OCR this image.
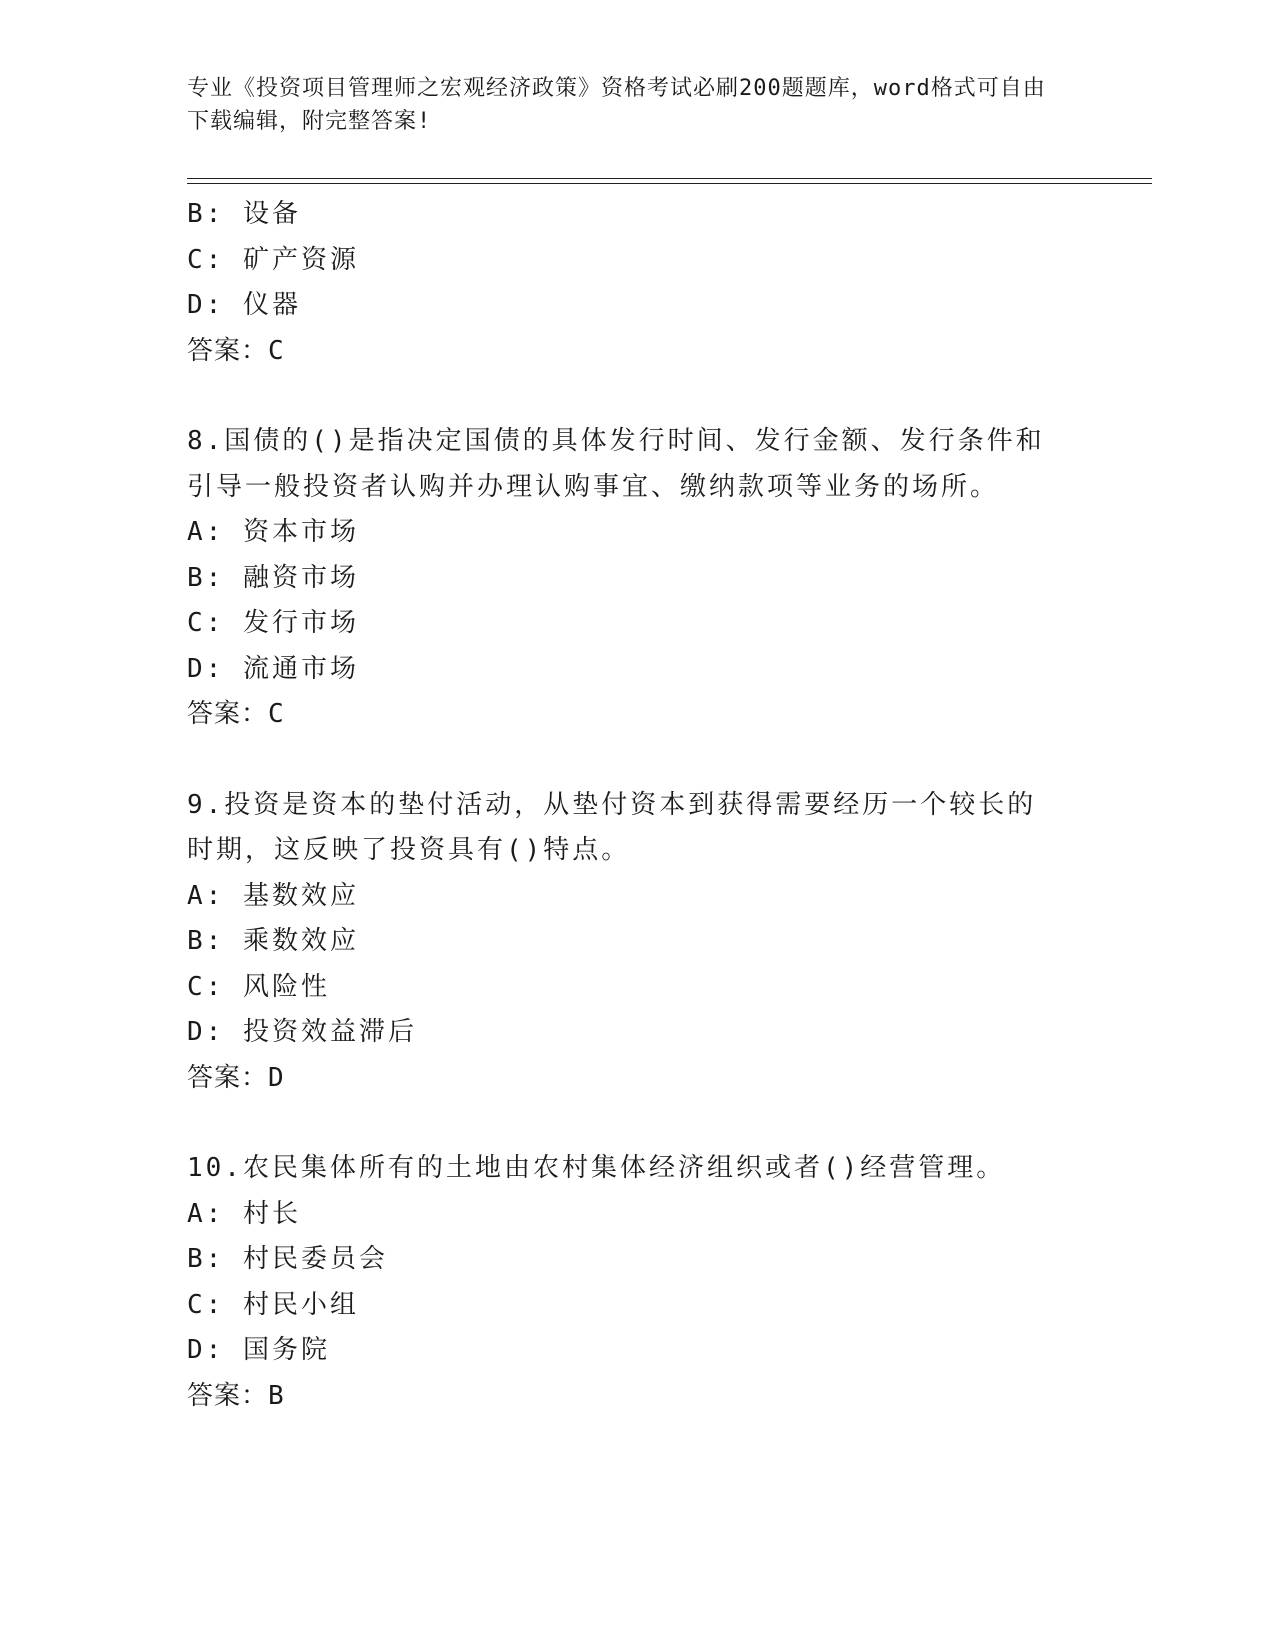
专业《投资项目管理师之宏观经济政策》资格考试必刷200题题库，word格式可自由下载编辑，附完整答案!
B: 设备
C: 矿产资源
D: 仪器
答案：C
8.国债的()是指决定国债的具体发行时间、发行金额、发行条件和引导一般投资者认购并办理认购事宜、缴纳款项等业务的场所。
A: 资本市场
B: 融资市场
C: 发行市场
D: 流通市场
答案：C
9.投资是资本的垫付活动，从垫付资本到获得需要经历一个较长的时期，这反映了投资具有()特点。
A: 基数效应
B: 乘数效应
C: 风险性
D: 投资效益滞后
答案：D
10.农民集体所有的土地由农村集体经济组织或者()经营管理。
A: 村长
B: 村民委员会
C: 村民小组
D: 国务院
答案：B
